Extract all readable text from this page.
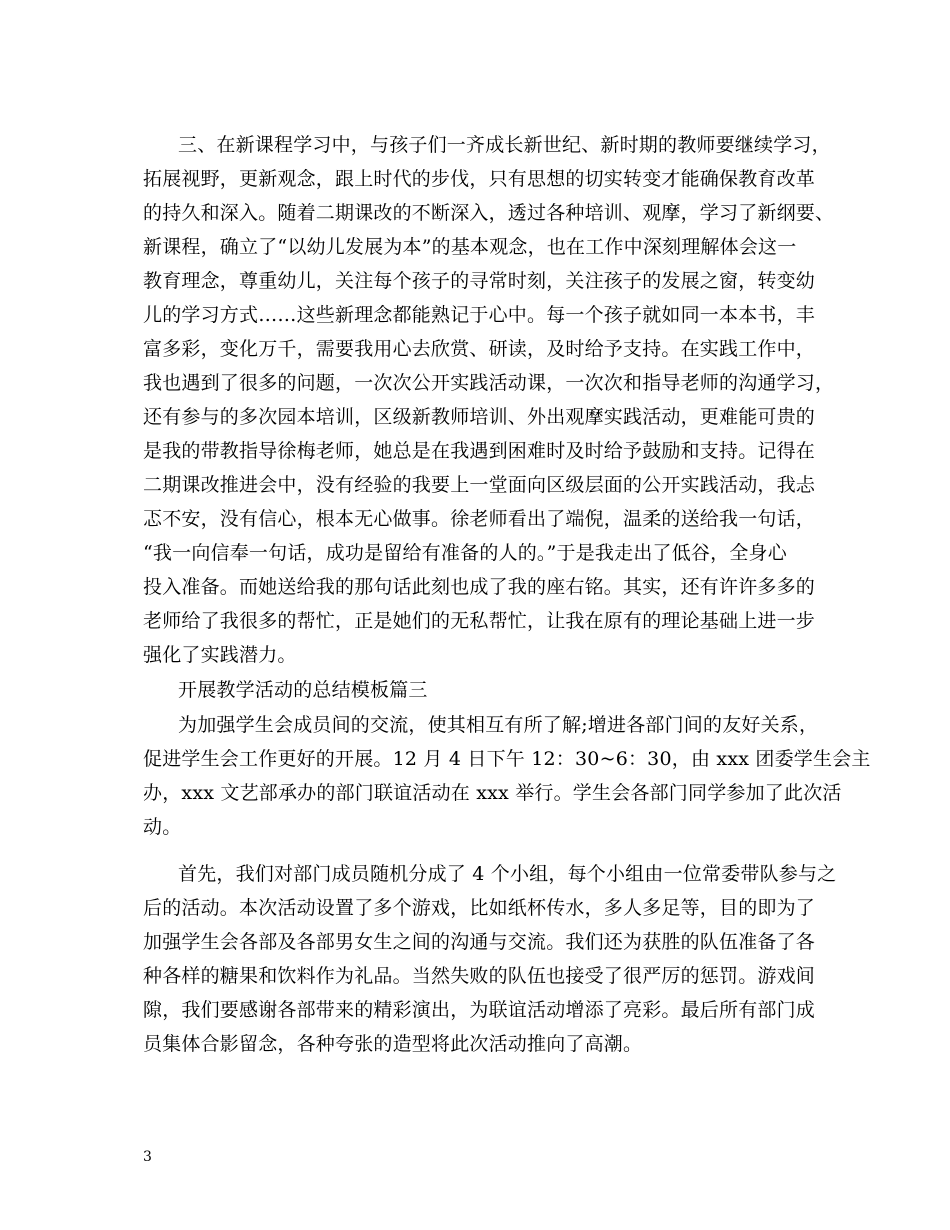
三、在新课程学习中，与孩子们一齐成长新世纪、新时期的教师要继续学习，
拓展视野，更新观念，跟上时代的步伐，只有思想的切实转变才能确保教育改革
的持久和深入。随着二期课改的不断深入，透过各种培训、观摩，学习了新纲要、
新课程，确立了“以幼儿发展为本”的基本观念，也在工作中深刻理解体会这一
教育理念，尊重幼儿，关注每个孩子的寻常时刻，关注孩子的发展之窗，转变幼
儿的学习方式……这些新理念都能熟记于心中。每一个孩子就如同一本本书，丰
富多彩，变化万千，需要我用心去欣赏、研读，及时给予支持。在实践工作中，
我也遇到了很多的问题，一次次公开实践活动课，一次次和指导老师的沟通学习，
还有参与的多次园本培训，区级新教师培训、外出观摩实践活动，更难能可贵的
是我的带教指导徐梅老师，她总是在我遇到困难时及时给予鼓励和支持。记得在
二期课改推进会中，没有经验的我要上一堂面向区级层面的公开实践活动，我忐
忑不安，没有信心，根本无心做事。徐老师看出了端倪，温柔的送给我一句话，
“我一向信奉一句话，成功是留给有准备的人的。”于是我走出了低谷，全身心
投入准备。而她送给我的那句话此刻也成了我的座右铭。其实，还有许许多多的
老师给了我很多的帮忙，正是她们的无私帮忙，让我在原有的理论基础上进一步
强化了实践潜力。
开展教学活动的总结模板篇三
为加强学生会成员间的交流，使其相互有所了解;增进各部门间的友好关系，
促进学生会工作更好的开展。12 月 4 日下午 12：30~6：30，由 xxx 团委学生会主
办，xxx 文艺部承办的部门联谊活动在 xxx 举行。学生会各部门同学参加了此次活
动。
首先，我们对部门成员随机分成了 4 个小组，每个小组由一位常委带队参与之
后的活动。本次活动设置了多个游戏，比如纸杯传水，多人多足等，目的即为了
加强学生会各部及各部男女生之间的沟通与交流。我们还为获胜的队伍准备了各
种各样的糖果和饮料作为礼品。当然失败的队伍也接受了很严厉的惩罚。游戏间
隙，我们要感谢各部带来的精彩演出，为联谊活动增添了亮彩。最后所有部门成
员集体合影留念，各种夸张的造型将此次活动推向了高潮。
3
